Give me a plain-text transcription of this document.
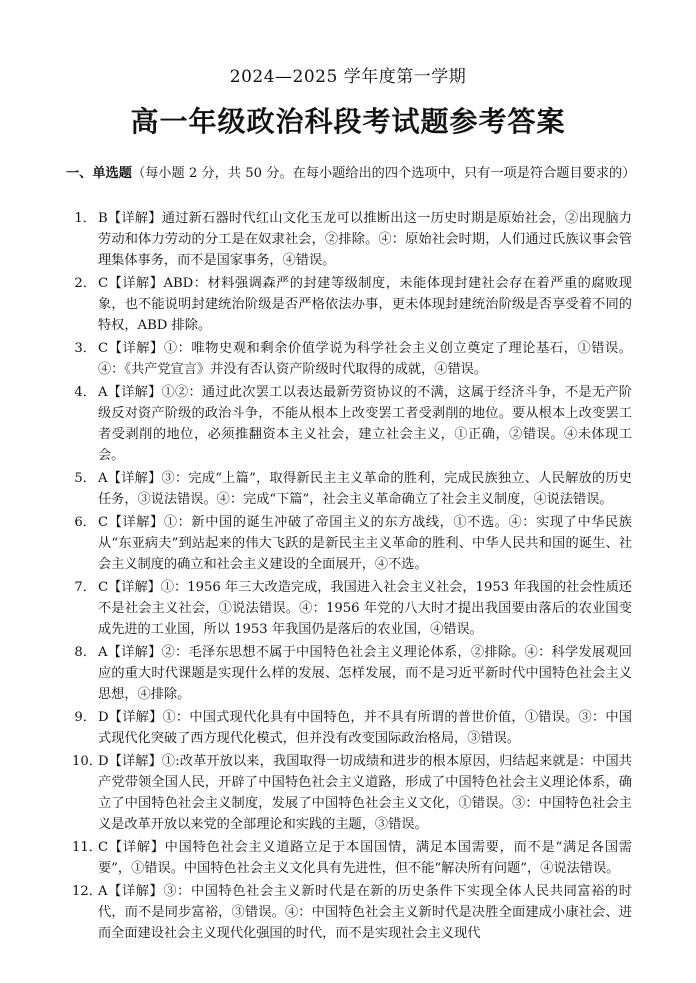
2024—2025 学年度第一学期
高一年级政治科段考试题参考答案
一、单选题（每小题 2 分，共 50 分。在每小题给出的四个选项中，只有一项是符合题目要求的）
1． B【详解】通过新石器时代红山文化玉龙可以推断出这一历史时期是原始社会，②出现脑力劳动和体力劳动的分工是在奴隶社会，②排除。④：原始社会时期，人们通过氏族议事会管理集体事务，而不是国家事务，④错误。
2． C【详解】ABD：材料强调森严的封建等级制度，未能体现封建社会存在着严重的腐败现象，也不能说明封建统治阶级是否严格依法办事，更未体现封建统治阶级是否享受着不同的特权，ABD 排除。
3． C【详解】①：唯物史观和剩余价值学说为科学社会主义创立奠定了理论基石，①错误。④：《共产党宣言》并没有否认资产阶级时代取得的成就，④错误。
4． A【详解】①②：通过此次罢工以表达最新劳资协议的不满，这属于经济斗争，不是无产阶级反对资产阶级的政治斗争，不能从根本上改变罢工者受剥削的地位。要从根本上改变罢工者受剥削的地位，必须推翻资本主义社会，建立社会主义，①正确，②错误。④未体现工会。
5． A【详解】③：完成“上篇”，取得新民主主义革命的胜利，完成民族独立、人民解放的历史任务，③说法错误。④：完成“下篇”，社会主义革命确立了社会主义制度，④说法错误。
6． C【详解】①：新中国的诞生冲破了帝国主义的东方战线，①不选。④：实现了中华民族从“东亚病夫”到站起来的伟大飞跃的是新民主主义革命的胜利、中华人民共和国的诞生、社会主义制度的确立和社会主义建设的全面展开，④不选。
7． C【详解】①：1956 年三大改造完成，我国进入社会主义社会，1953 年我国的社会性质还不是社会主义社会，①说法错误。④：1956 年党的八大时才提出我国要由落后的农业国变成先进的工业国，所以 1953 年我国仍是落后的农业国，④错误。
8． A【详解】②：毛泽东思想不属于中国特色社会主义理论体系，②排除。④：科学发展观回应的重大时代课题是实现什么样的发展、怎样发展，而不是习近平新时代中国特色社会主义思想，④排除。
9． D【详解】①：中国式现代化具有中国特色，并不具有所谓的普世价值，①错误。③：中国式现代化突破了西方现代化模式，但并没有改变国际政治格局，③错误。
10．
D【详解】①:改革开放以来，我国取得一切成绩和进步的根本原因，归结起来就是：中国共产党带领全国人民，开辟了中国特色社会主义道路，形成了中国特色社会主义理论体系，确立了中国特色社会主义制度，发展了中国特色社会主义文化，①错误。③：中国特色社会主义是改革开放以来党的全部理论和实践的主题，③错误。
11．
C【详解】中国特色社会主义道路立足于本国国情，满足本国需要，而不是“满足各国需要”，①错误。中国特色社会主义文化具有先进性，但不能“解决所有问题”，④说法错误。
12．
A【详解】③：中国特色社会主义新时代是在新的历史条件下实现全体人民共同富裕的时代，而不是同步富裕，③错误。④：中国特色社会主义新时代是决胜全面建成小康社会、进而全面建设社会主义现代化强国的时代，而不是实现社会主义现代
